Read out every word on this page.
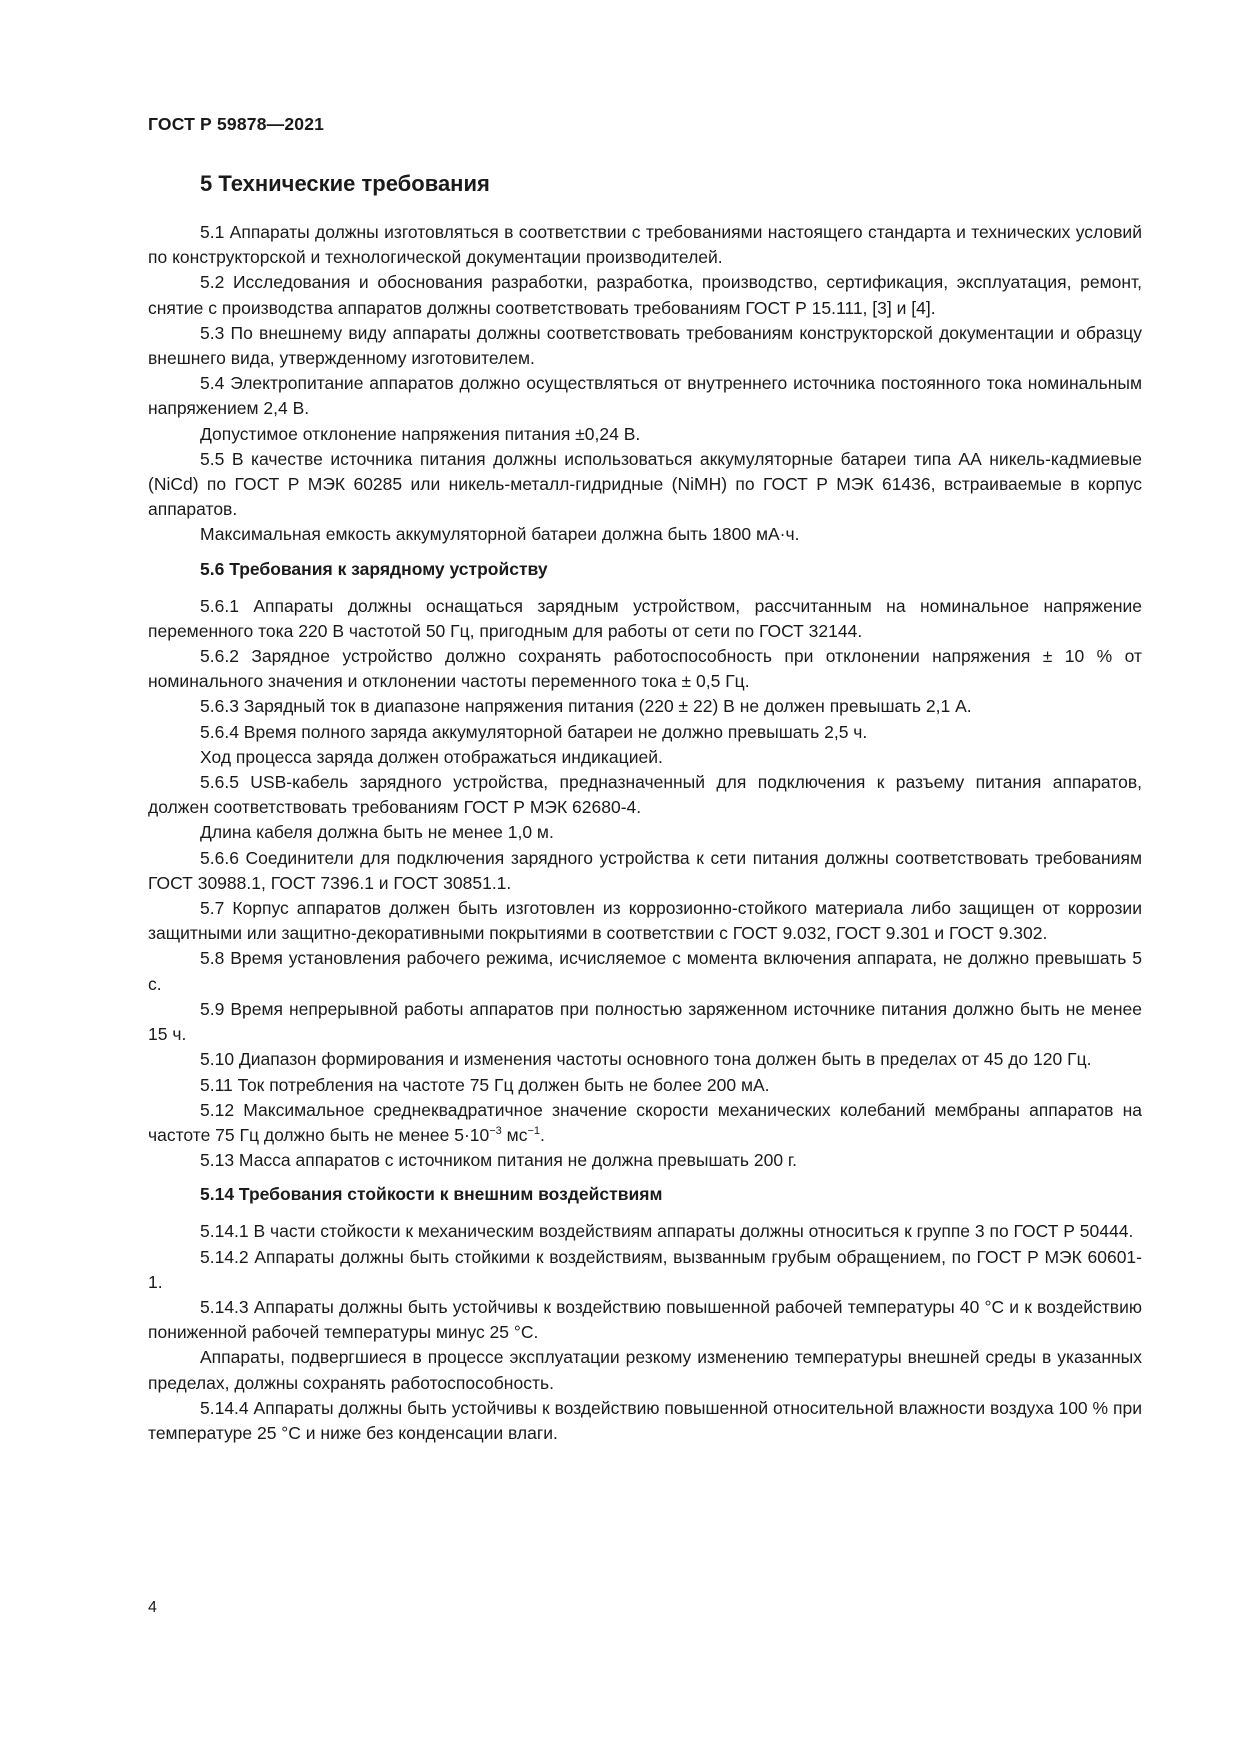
ГОСТ Р 59878—2021
5 Технические требования

5.1 Аппараты должны изготовляться в соответствии с требованиями настоящего стандарта и технических условий по конструкторской и технологической документации производителей.

5.2 Исследования и обоснования разработки, разработка, производство, сертификация, эксплуатация, ремонт, снятие с производства аппаратов должны соответствовать требованиям ГОСТ Р 15.111, [3] и [4].

5.3 По внешнему виду аппараты должны соответствовать требованиям конструкторской документации и образцу внешнего вида, утвержденному изготовителем.

5.4 Электропитание аппаратов должно осуществляться от внутреннего источника постоянного тока номинальным напряжением 2,4 В.

Допустимое отклонение напряжения питания ±0,24 В.

5.5 В качестве источника питания должны использоваться аккумуляторные батареи типа АА никель-кадмиевые (NiCd) по ГОСТ Р МЭК 60285 или никель-металл-гидридные (NiMH) по ГОСТ Р МЭК 61436, встраиваемые в корпус аппаратов.

Максимальная емкость аккумуляторной батареи должна быть 1800 мА·ч.

5.6 Требования к зарядному устройству

5.6.1 Аппараты должны оснащаться зарядным устройством, рассчитанным на номинальное напряжение переменного тока 220 В частотой 50 Гц, пригодным для работы от сети по ГОСТ 32144.

5.6.2 Зарядное устройство должно сохранять работоспособность при отклонении напряжения ± 10 % от номинального значения и отклонении частоты переменного тока ± 0,5 Гц.

5.6.3 Зарядный ток в диапазоне напряжения питания (220 ± 22) В не должен превышать 2,1 А.

5.6.4 Время полного заряда аккумуляторной батареи не должно превышать 2,5 ч.

Ход процесса заряда должен отображаться индикацией.

5.6.5 USB-кабель зарядного устройства, предназначенный для подключения к разъему питания аппаратов, должен соответствовать требованиям ГОСТ Р МЭК 62680-4.

Длина кабеля должна быть не менее 1,0 м.

5.6.6 Соединители для подключения зарядного устройства к сети питания должны соответствовать требованиям ГОСТ 30988.1, ГОСТ 7396.1 и ГОСТ 30851.1.

5.7 Корпус аппаратов должен быть изготовлен из коррозионно-стойкого материала либо защищен от коррозии защитными или защитно-декоративными покрытиями в соответствии с ГОСТ 9.032, ГОСТ 9.301 и ГОСТ 9.302.

5.8 Время установления рабочего режима, исчисляемое с момента включения аппарата, не должно превышать 5 с.

5.9 Время непрерывной работы аппаратов при полностью заряженном источнике питания должно быть не менее 15 ч.

5.10 Диапазон формирования и изменения частоты основного тона должен быть в пределах от 45 до 120 Гц.

5.11 Ток потребления на частоте 75 Гц должен быть не более 200 мА.

5.12 Максимальное среднеквадратичное значение скорости механических колебаний мембраны аппаратов на частоте 75 Гц должно быть не менее $5\cdot 10^{-3}$ $мс^{-1}$.

5.13 Масса аппаратов с источником питания не должна превышать 200 г.

5.14 Требования стойкости к внешним воздействиям

5.14.1 В части стойкости к механическим воздействиям аппараты должны относиться к группе 3 по ГОСТ Р 50444.

5.14.2 Аппараты должны быть стойкими к воздействиям, вызванным грубым обращением, по ГОСТ Р МЭК 60601-1.

5.14.3 Аппараты должны быть устойчивы к воздействию повышенной рабочей температуры 40 °С и к воздействию пониженной рабочей температуры минус 25 °С.

Аппараты, подвергшиеся в процессе эксплуатации резкому изменению температуры внешней среды в указанных пределах, должны сохранять работоспособность.

5.14.4 Аппараты должны быть устойчивы к воздействию повышенной относительной влажности воздуха 100 % при температуре 25 °С и ниже без конденсации влаги.

4
